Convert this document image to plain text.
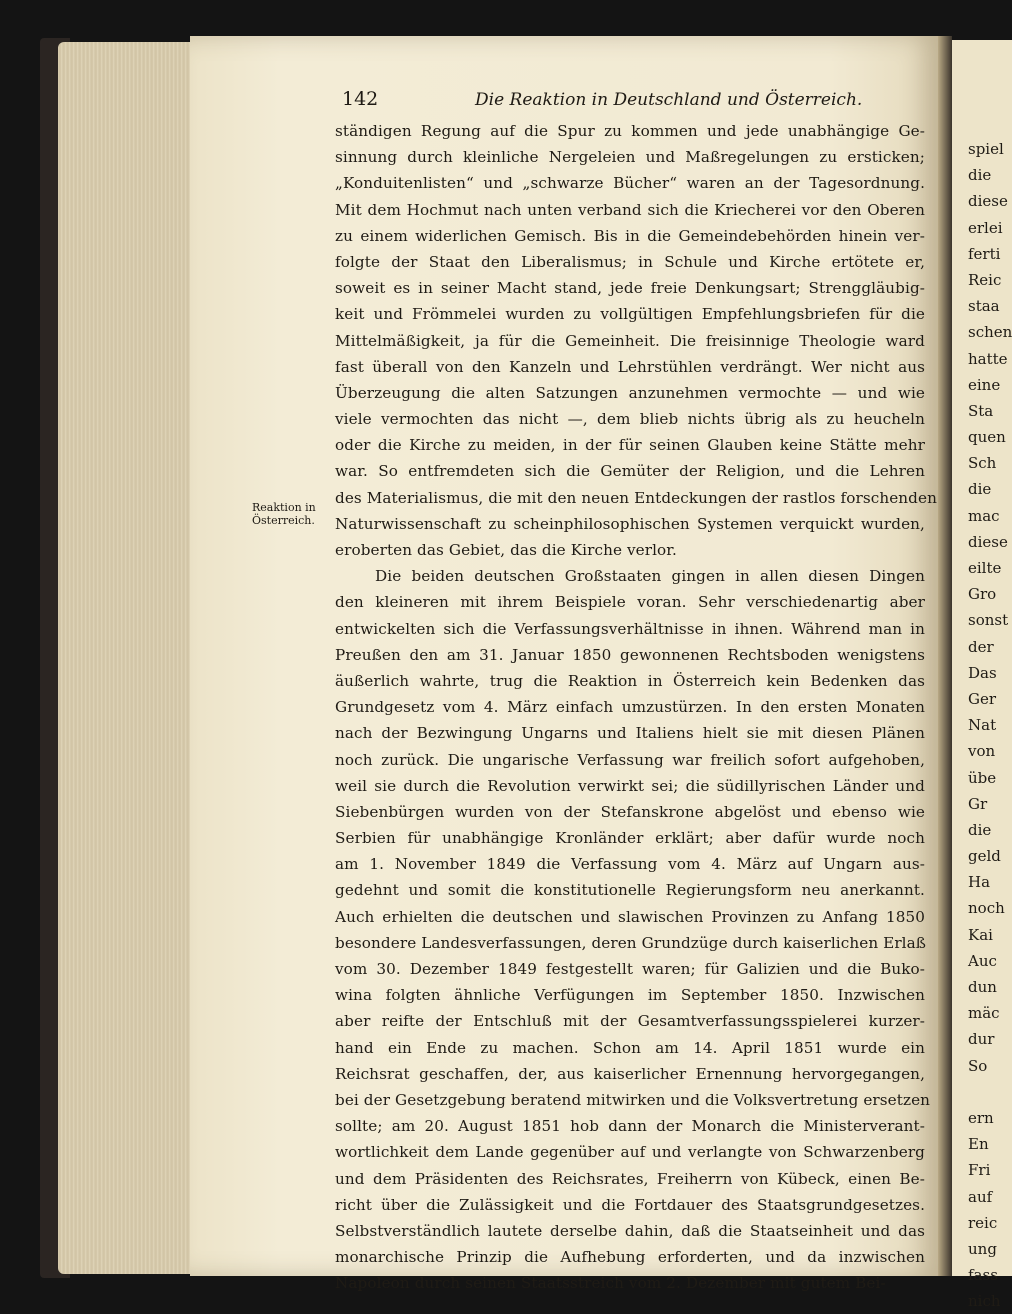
142	Die Reaktion in Deutschland und Österreich.
Reaktion in Österreich.
ständigen Regung auf die Spur zu kommen und jede unabhängige Ge-
sinnung durch kleinliche Nergeleien und Maßregelungen zu ersticken;
„Konduitenlisten“ und „schwarze Bücher“ waren an der Tagesordnung.
Mit dem Hochmut nach unten verband sich die Kriecherei vor den Oberen
zu einem widerlichen Gemisch. Bis in die Gemeindebehörden hinein ver-
folgte der Staat den Liberalismus; in Schule und Kirche ertötete er,
soweit es in seiner Macht stand, jede freie Denkungsart; Strenggläubig-
keit und Frömmelei wurden zu vollgültigen Empfehlungsbriefen für die
Mittelmäßigkeit, ja für die Gemeinheit. Die freisinnige Theologie ward
fast überall von den Kanzeln und Lehrstühlen verdrängt. Wer nicht aus
Überzeugung die alten Satzungen anzunehmen vermochte — und wie
viele vermochten das nicht —, dem blieb nichts übrig als zu heucheln
oder die Kirche zu meiden, in der für seinen Glauben keine Stätte mehr
war. So entfremdeten sich die Gemüter der Religion, und die Lehren
des Materialismus, die mit den neuen Entdeckungen der rastlos forschenden
Naturwissenschaft zu scheinphilosophischen Systemen verquickt wurden,
eroberten das Gebiet, das die Kirche verlor.
Die beiden deutschen Großstaaten gingen in allen diesen Dingen
den kleineren mit ihrem Beispiele voran. Sehr verschiedenartig aber
entwickelten sich die Verfassungsverhältnisse in ihnen. Während man in
Preußen den am 31. Januar 1850 gewonnenen Rechtsboden wenigstens
äußerlich wahrte, trug die Reaktion in Österreich kein Bedenken das
Grundgesetz vom 4. März einfach umzustürzen. In den ersten Monaten
nach der Bezwingung Ungarns und Italiens hielt sie mit diesen Plänen
noch zurück. Die ungarische Verfassung war freilich sofort aufgehoben,
weil sie durch die Revolution verwirkt sei; die südillyrischen Länder und
Siebenbürgen wurden von der Stefanskrone abgelöst und ebenso wie
Serbien für unabhängige Kronländer erklärt; aber dafür wurde noch
am 1. November 1849 die Verfassung vom 4. März auf Ungarn aus-
gedehnt und somit die konstitutionelle Regierungsform neu anerkannt.
Auch erhielten die deutschen und slawischen Provinzen zu Anfang 1850
besondere Landesverfassungen, deren Grundzüge durch kaiserlichen Erlaß
vom 30. Dezember 1849 festgestellt waren; für Galizien und die Buko-
wina folgten ähnliche Verfügungen im September 1850. Inzwischen
aber reifte der Entschluß mit der Gesamtverfassungsspielerei kurzer-
hand ein Ende zu machen. Schon am 14. April 1851 wurde ein
Reichsrat geschaffen, der, aus kaiserlicher Ernennung hervorgegangen,
bei der Gesetzgebung beratend mitwirken und die Volksvertretung ersetzen
sollte; am 20. August 1851 hob dann der Monarch die Ministerverant-
wortlichkeit dem Lande gegenüber auf und verlangte von Schwarzenberg
und dem Präsidenten des Reichsrates, Freiherrn von Kübeck, einen Be-
richt über die Zulässigkeit und die Fortdauer des Staatsgrundgesetzes.
Selbstverständlich lautete derselbe dahin, daß die Staatseinheit und das
monarchische Prinzip die Aufhebung erforderten, und da inzwischen
Napoleon durch seinen Staatsstreich vom 2. Dezember mit gutem Bei-
spiel
die
diese
erlei
ferti
Reic
staa
schen
hatte
eine
Sta
quen
Sch
die
mac
diese
eilte
Gro
sonst
der
Das
Ger
Nat
von
übe
Gr
die
geld
Ha
noch
Kai
Auc
dun
mäc
dur
So
ern
En
Fri
auf
reic
ung
fass
nich
